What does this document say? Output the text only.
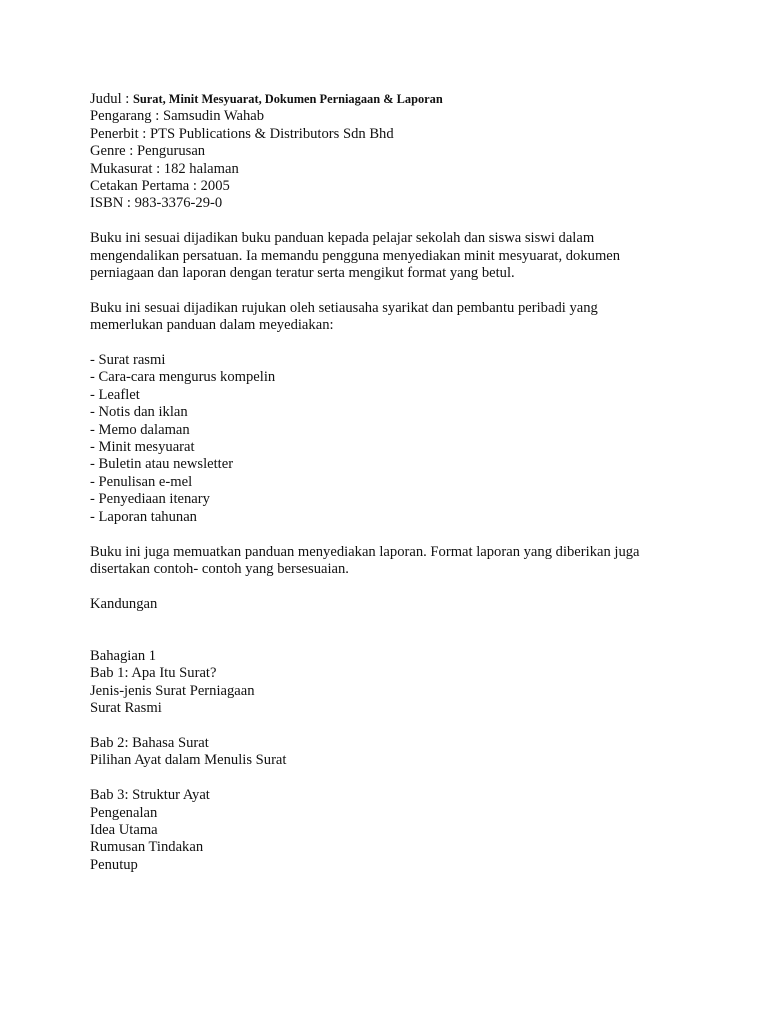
Judul : Surat, Minit Mesyuarat, Dokumen Perniagaan & Laporan
Pengarang : Samsudin Wahab
Penerbit : PTS Publications & Distributors Sdn Bhd
Genre : Pengurusan
Mukasurat : 182 halaman
Cetakan Pertama : 2005
ISBN : 983-3376-29-0
Buku ini sesuai dijadikan buku panduan kepada pelajar sekolah dan siswa siswi dalam
mengendalikan persatuan. Ia memandu pengguna menyediakan minit mesyuarat, dokumen
perniagaan dan laporan dengan teratur serta mengikut format yang betul.
Buku ini sesuai dijadikan rujukan oleh setiausaha syarikat dan pembantu peribadi yang
memerlukan panduan dalam meyediakan:
- Surat rasmi
- Cara-cara mengurus kompelin
- Leaflet
- Notis dan iklan
- Memo dalaman
- Minit mesyuarat
- Buletin atau newsletter
- Penulisan e-mel
- Penyediaan itenary
- Laporan tahunan
Buku ini juga memuatkan panduan menyediakan laporan. Format laporan yang diberikan juga
disertakan contoh- contoh yang bersesuaian.
Kandungan
Bahagian 1
Bab 1: Apa Itu Surat?
Jenis-jenis Surat Perniagaan
Surat Rasmi
Bab 2: Bahasa Surat
Pilihan Ayat dalam Menulis Surat
Bab 3: Struktur Ayat
Pengenalan
Idea Utama
Rumusan Tindakan
Penutup
